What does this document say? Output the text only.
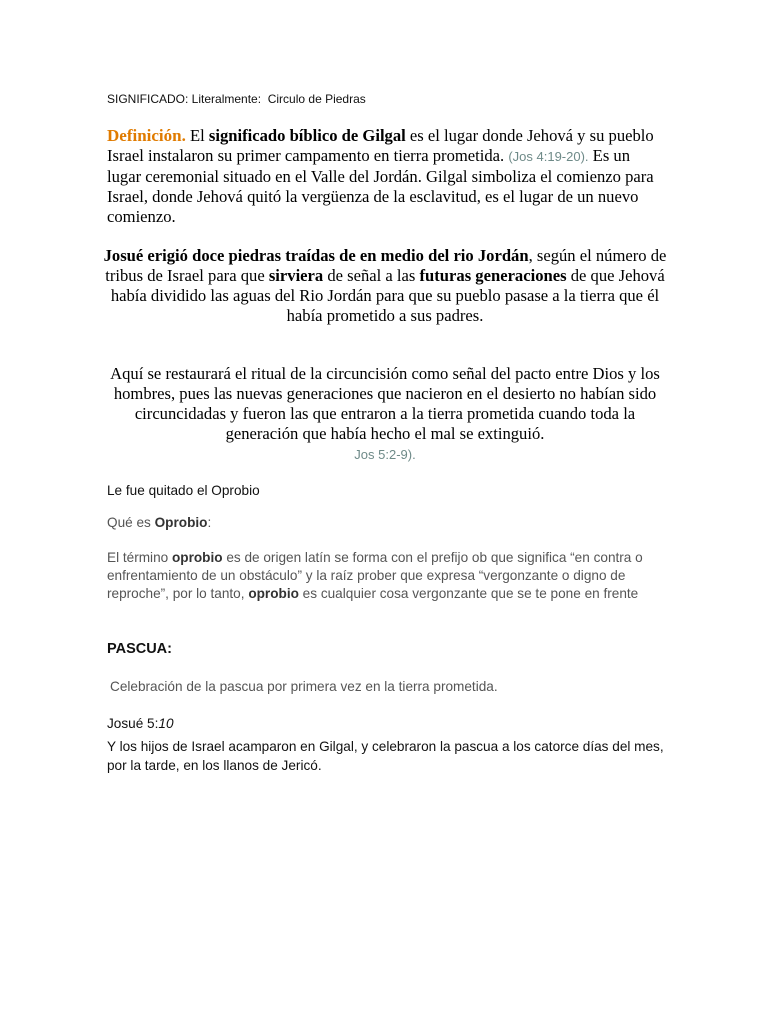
SIGNIFICADO: Literalmente:  Circulo de Piedras
Definición. El significado bíblico de Gilgal es el lugar donde Jehová y su pueblo Israel instalaron su primer campamento en tierra prometida. (Jos 4:19-20). Es un lugar ceremonial situado en el Valle del Jordán. Gilgal simboliza el comienzo para Israel, donde Jehová quitó la vergüenza de la esclavitud, es el lugar de un nuevo comienzo.
Josué erigió doce piedras traídas de en medio del rio Jordán, según el número de tribus de Israel para que sirviera de señal a las futuras generaciones de que Jehová había dividido las aguas del Rio Jordán para que su pueblo pasase a la tierra que él había prometido a sus padres.
Aquí se restaurará el ritual de la circuncisión como señal del pacto entre Dios y los hombres, pues las nuevas generaciones que nacieron en el desierto no habían sido circuncidadas y fueron las que entraron a la tierra prometida cuando toda la generación que había hecho el mal se extinguió.
Jos 5:2-9).
Le fue quitado el Oprobio
Qué es Oprobio:
El término oprobio es de origen latín se forma con el prefijo ob que significa “en contra o enfrentamiento de un obstáculo” y la raíz prober que expresa “vergonzante o digno de reproche”, por lo tanto, oprobio es cualquier cosa vergonzante que se te pone en frente
PASCUA:
Celebración de la pascua por primera vez en la tierra prometida.
Josué 5:10
Y los hijos de Israel acamparon en Gilgal, y celebraron la pascua a los catorce días del mes, por la tarde, en los llanos de Jericó.
